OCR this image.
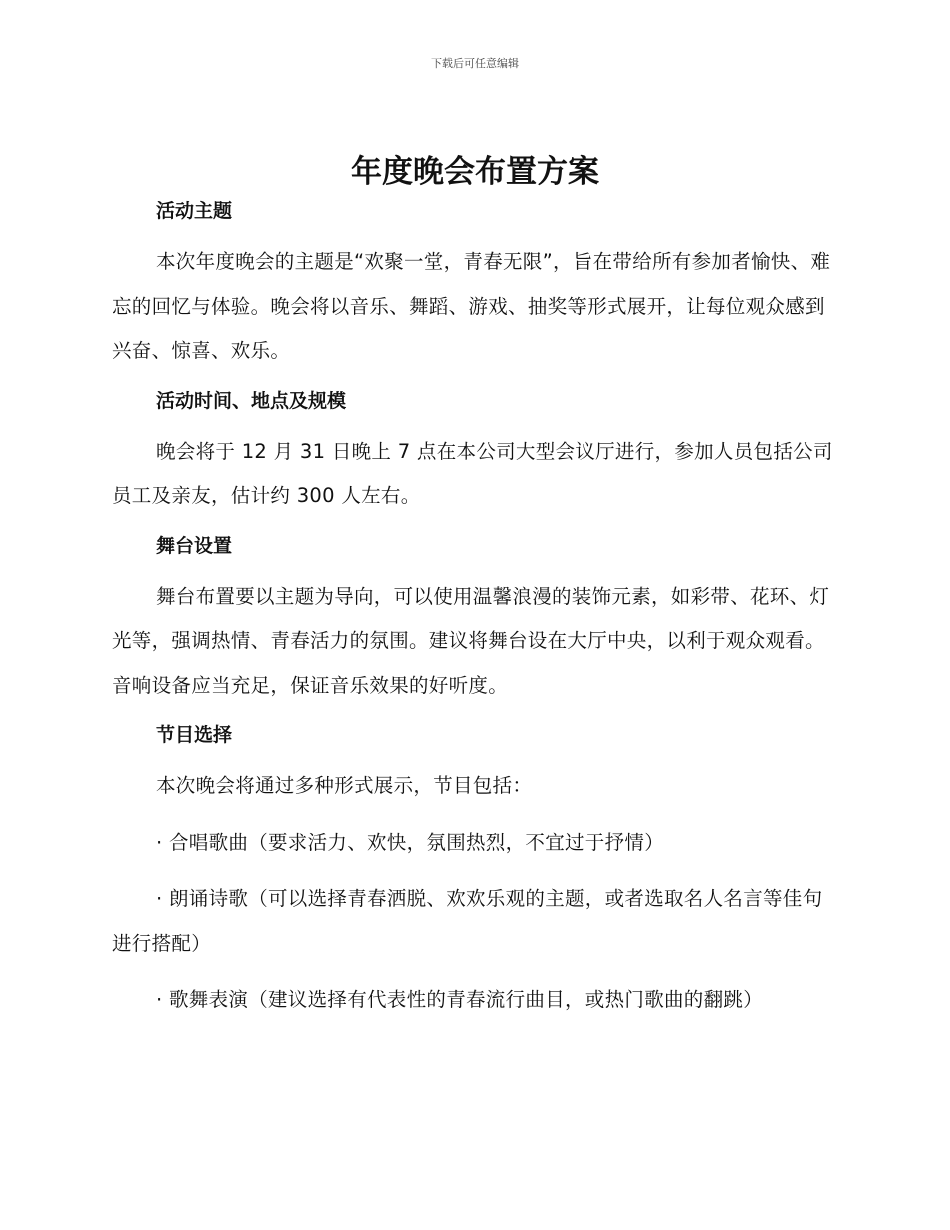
下载后可任意编辑
年度晚会布置方案
活动主题

本次年度晚会的主题是“欢聚一堂，青春无限”，旨在带给所有参加者愉快、难忘的回忆与体验。晚会将以音乐、舞蹈、游戏、抽奖等形式展开，让每位观众感到兴奋、惊喜、欢乐。

活动时间、地点及规模

晚会将于 12 月 31 日晚上 7 点在本公司大型会议厅进行，参加人员包括公司员工及亲友，估计约 300 人左右。

舞台设置

舞台布置要以主题为导向，可以使用温馨浪漫的装饰元素，如彩带、花环、灯光等，强调热情、青春活力的氛围。建议将舞台设在大厅中央，以利于观众观看。音响设备应当充足，保证音乐效果的好听度。

节目选择

本次晚会将通过多种形式展示，节目包括：

· 合唱歌曲（要求活力、欢快，氛围热烈，不宜过于抒情）

· 朗诵诗歌（可以选择青春洒脱、欢欢乐观的主题，或者选取名人名言等佳句进行搭配）

· 歌舞表演（建议选择有代表性的青春流行曲目，或热门歌曲的翻跳）
